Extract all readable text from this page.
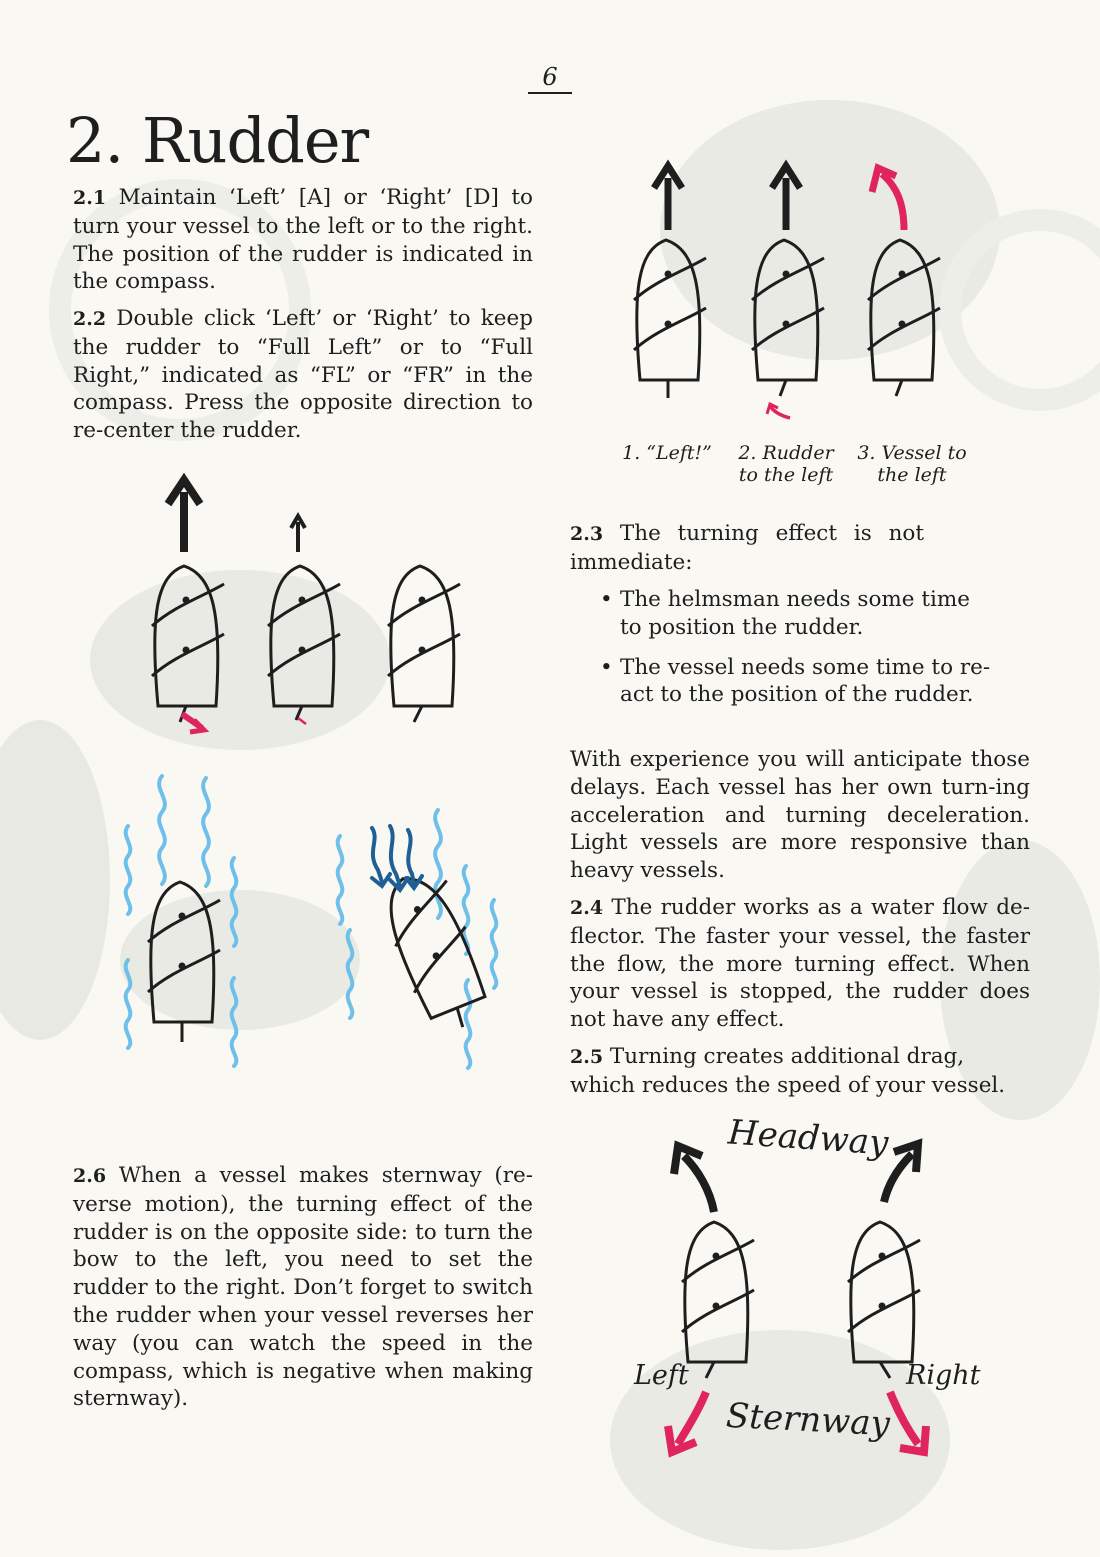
6
2. Rudder

2.1 Maintain ‘Left’ [A] or ‘Right’ [D] to turn your vessel to the left or to the right. The position of the rudder is indicated in the compass.

2.2 Double click ‘Left’ or ‘Right’ to keep the rudder to “Full Left” or to “Full Right,” indicated as “FL” or “FR” in the compass. Press the opposite direction to re-center the rudder.

1. “Left!”	2. Rudder
to the left
3. Vessel to
the left

2.3 The turning effect is not immediate:

• The helmsman needs some time to position the rudder.
• The vessel needs some time to re-act to the position of the rudder.

With experience you will anticipate those delays. Each vessel has her own turn-ing acceleration and turning deceleration. Light vessels are more responsive than heavy vessels.

2.4 The rudder works as a water flow de-flector. The faster your vessel, the faster the flow, the more turning effect. When your vessel is stopped, the rudder does not have any effect.

2.5 Turning creates additional drag, which reduces the speed of your vessel.

2.6 When a vessel makes sternway (re-verse motion), the turning effect of the rudder is on the opposite side: to turn the bow to the left, you need to set the rudder to the right. Don’t forget to switch the rudder when your vessel reverses her way (you can watch the speed in the compass, which is negative when making sternway).

Headway
Sternway
Left	Right
